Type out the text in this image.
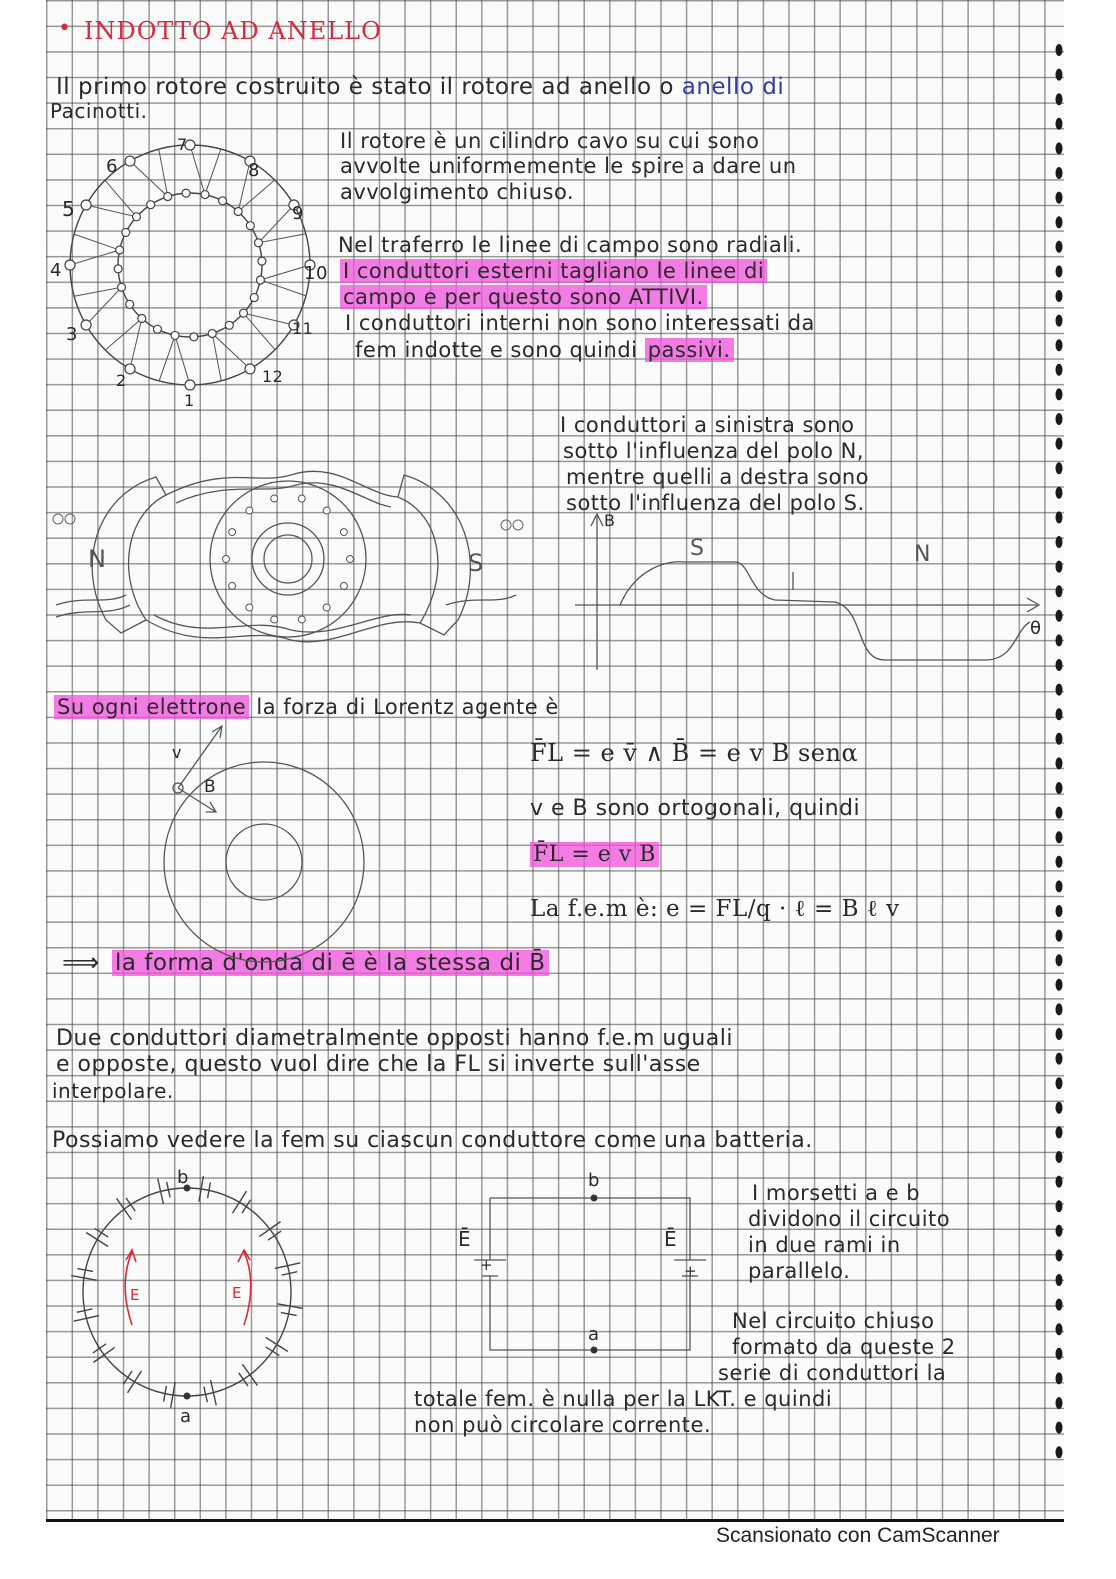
• INDOTTO AD ANELLO
Il primo rotore costruito è stato il rotore ad anello o anello di
Pacinotti.
Il rotore è un cilindro cavo su cui sono
avvolte uniformemente le spire a dare un
avvolgimento chiuso.
Nel traferro le linee di campo sono radiali.
I conduttori esterni tagliano le linee di
campo e per questo sono ATTIVI.
I conduttori interni non sono interessati da
fem indotte e sono quindi passivi.
7
6	8
5	9
4	10
3	11
2	12
1
I conduttori a sinistra sono
sotto l'influenza del polo N,
mentre quelli a destra sono
sotto l'influenza del polo S.
N	S
B
θ
S	N
Su ogni elettrone la forza di Lorentz agente è
F̄L = e v̄ ∧ B̄ = e v B senα
v e B sono ortogonali, quindi
F̄L = e v B
La f.e.m è: e = FL/q · ℓ = B ℓ v
⟹ la forma d'onda di ē è la stessa di B̄
v
B
Due conduttori diametralmente opposti hanno f.e.m uguali
e opposte, questo vuol dire che la FL si inverte sull'asse
interpolare.
Possiamo vedere la fem su ciascun conduttore come una batteria.
b
a
E	E
b
a
Ē	Ē
+	+
I morsetti a e b
dividono il circuito
in due rami in
parallelo.
Nel circuito chiuso
formato da queste 2
serie di conduttori la
totale fem. è nulla per la LKT. e quindi
non può circolare corrente.
Scansionato con CamScanner
